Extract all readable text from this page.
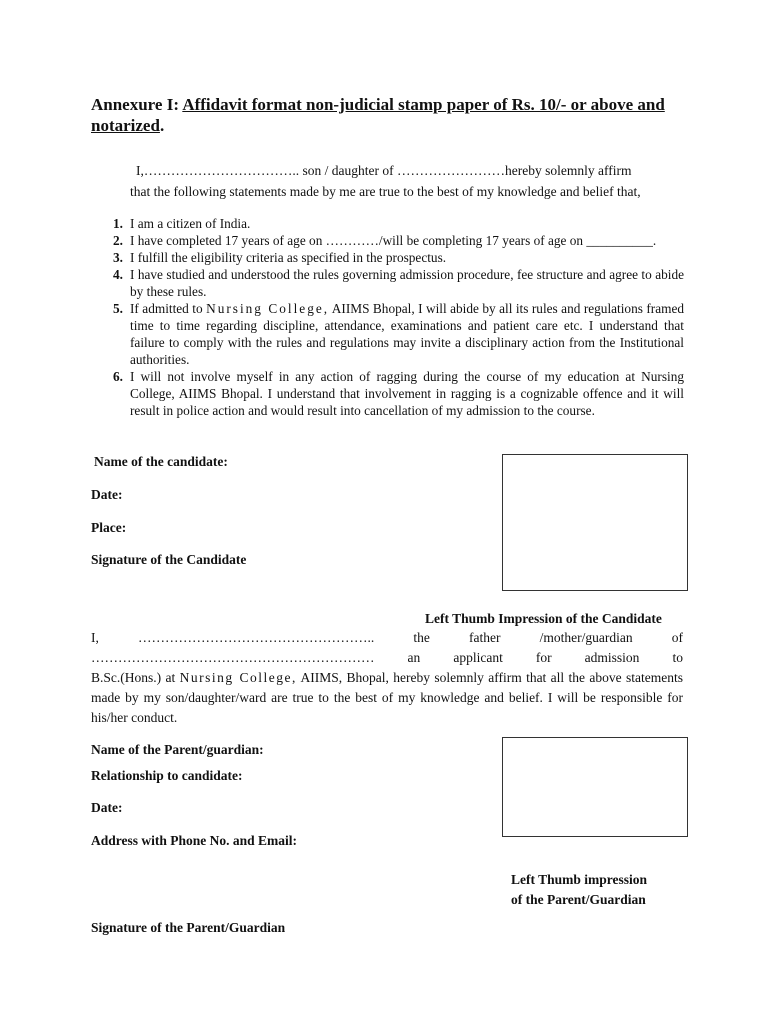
Annexure I: Affidavit format non-judicial stamp paper of Rs. 10/- or above and
notarized.
I,…………………………….. son / daughter of ……………………hereby solemnly affirm
that the following statements made by me are true to the best of my knowledge and belief that,
1. I am a citizen of India.
2. I have completed 17 years of age on …………/will be completing 17 years of age on __________.
3. I fulfill the eligibility criteria as specified in the prospectus.
4. I have studied and understood the rules governing admission procedure, fee structure and agree to abide by these rules.
5. If admitted to Nursing College, AIIMS Bhopal, I will abide by all its rules and regulations framed time to time regarding discipline, attendance, examinations and patient care etc. I understand that failure to comply with the rules and regulations may invite a disciplinary action from the Institutional authorities.
6. I will not involve myself in any action of ragging during the course of my education at Nursing College, AIIMS Bhopal. I understand that involvement in ragging is a cognizable offence and it will result in police action and would result into cancellation of my admission to the course.
Name of the candidate:
Date:
Place:
Signature of the Candidate
Left Thumb Impression of the Candidate
I,	……………………………………………..	the	father	/mother/guardian	of
……………………………………………………… an applicant for admission to
B.Sc.(Hons.) at Nursing College, AIIMS, Bhopal, hereby solemnly affirm that all the above statements made by my son/daughter/ward are true to the best of my knowledge and belief. I will be responsible for his/her conduct.
Name of the Parent/guardian:
Relationship to candidate:
Date:
Address with Phone No. and Email:
Left Thumb impression
of the Parent/Guardian
Signature of the Parent/Guardian
